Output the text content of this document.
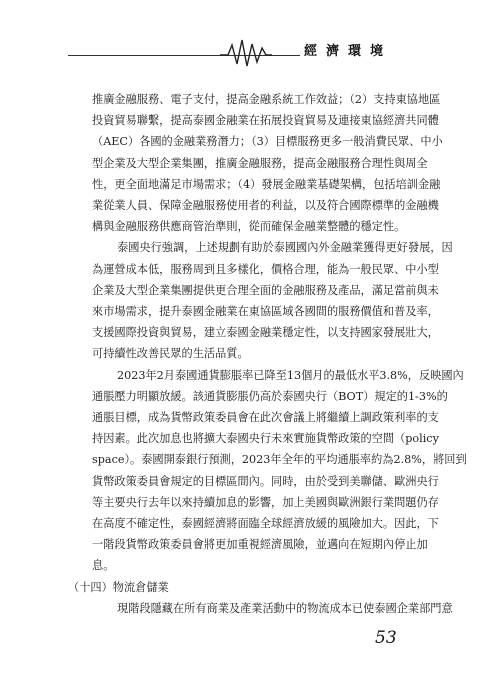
經濟環境
推廣金融服務、電子支付，提高金融系統工作效益；（2）支持東協地區
投資貿易聯繫，提高泰國金融業在拓展投資貿易及連接東協經濟共同體
（AEC）各國的金融業務潛力；（3）目標服務更多一般消費民眾、中小
型企業及大型企業集團，推廣金融服務，提高金融服務合理性與周全
性，更全面地滿足市場需求；（4）發展金融業基礎架構，包括培訓金融
業從業人員、保障金融服務使用者的利益，以及符合國際標準的金融機
構與金融服務供應商管治準則，從而確保金融業整體的穩定性。
泰國央行強調，上述規劃有助於泰國國內外金融業獲得更好發展，因
為運營成本低，服務周到且多樣化，價格合理，能為一般民眾、中小型
企業及大型企業集團提供更合理全面的金融服務及產品，滿足當前與未
來市場需求，提升泰國金融業在東協區域各國間的服務價值和普及率，
支援國際投資與貿易，建立泰國金融業穩定性，以支持國家發展壯大，
可持續性改善民眾的生活品質。
2023年2月泰國通貨膨脹率已降至13個月的最低水平3.8%，反映國內
通脹壓力明顯放緩。該通貨膨脹仍高於泰國央行（BOT）規定的1-3%的
通脹目標，成為貨幣政策委員會在此次會議上將繼續上調政策利率的支
持因素。此次加息也將擴大泰國央行未來實施貨幣政策的空間（policy
space）。泰國開泰銀行預測，2023年全年的平均通脹率約為2.8%，將回到
貨幣政策委員會規定的目標區間內。同時，由於受到美聯儲、歐洲央行
等主要央行去年以來持續加息的影響，加上美國與歐洲銀行業問題仍存
在高度不確定性，泰國經濟將面臨全球經濟放緩的風險加大。因此，下
一階段貨幣政策委員會將更加重視經濟風險，並邁向在短期內停止加
息。
（十四）物流倉儲業
現階段隱藏在所有商業及產業活動中的物流成本已使泰國企業部門意
53
